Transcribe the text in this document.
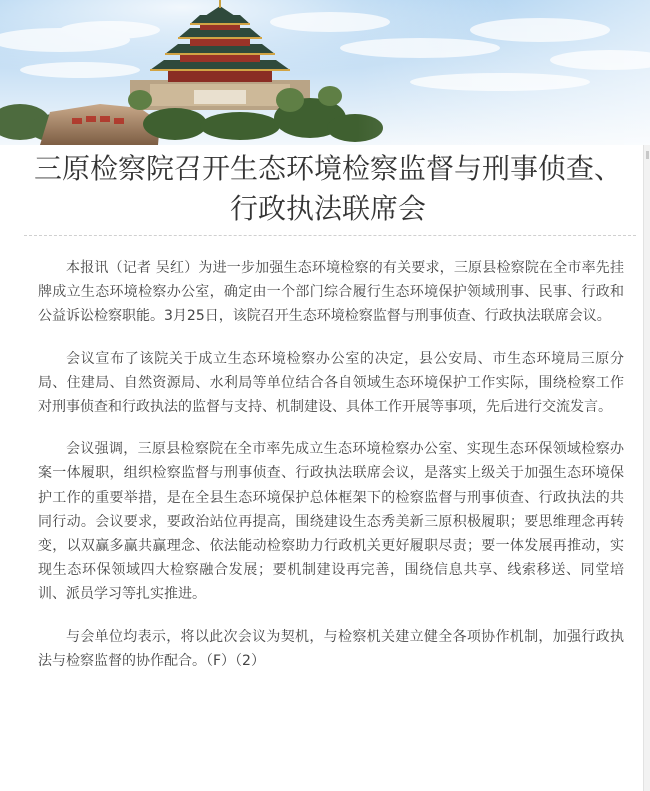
三原检察院召开生态环境检察监督与刑事侦查、行政执法联席会

本报讯（记者 吴红）为进一步加强生态环境检察的有关要求，三原县检察院在全市率先挂牌成立生态环境检察办公室，确定由一个部门综合履行生态环境保护领域刑事、民事、行政和公益诉讼检察职能。3月25日，该院召开生态环境检察监督与刑事侦查、行政执法联席会议。

会议宣布了该院关于成立生态环境检察办公室的决定，县公安局、市生态环境局三原分局、住建局、自然资源局、水利局等单位结合各自领域生态环境保护工作实际，围绕检察工作对刑事侦查和行政执法的监督与支持、机制建设、具体工作开展等事项，先后进行交流发言。

会议强调，三原县检察院在全市率先成立生态环境检察办公室、实现生态环保领域检察办案一体履职，组织检察监督与刑事侦查、行政执法联席会议，是落实上级关于加强生态环境保护工作的重要举措，是在全县生态环境保护总体框架下的检察监督与刑事侦查、行政执法的共同行动。会议要求，要政治站位再提高，围绕建设生态秀美新三原积极履职；要思维理念再转变，以双赢多赢共赢理念、依法能动检察助力行政机关更好履职尽责；要一体发展再推动，实现生态环保领域四大检察融合发展；要机制建设再完善，围绕信息共享、线索移送、同堂培训、派员学习等扎实推进。

与会单位均表示，将以此次会议为契机，与检察机关建立健全各项协作机制，加强行政执法与检察监督的协作配合。（F）（2）
